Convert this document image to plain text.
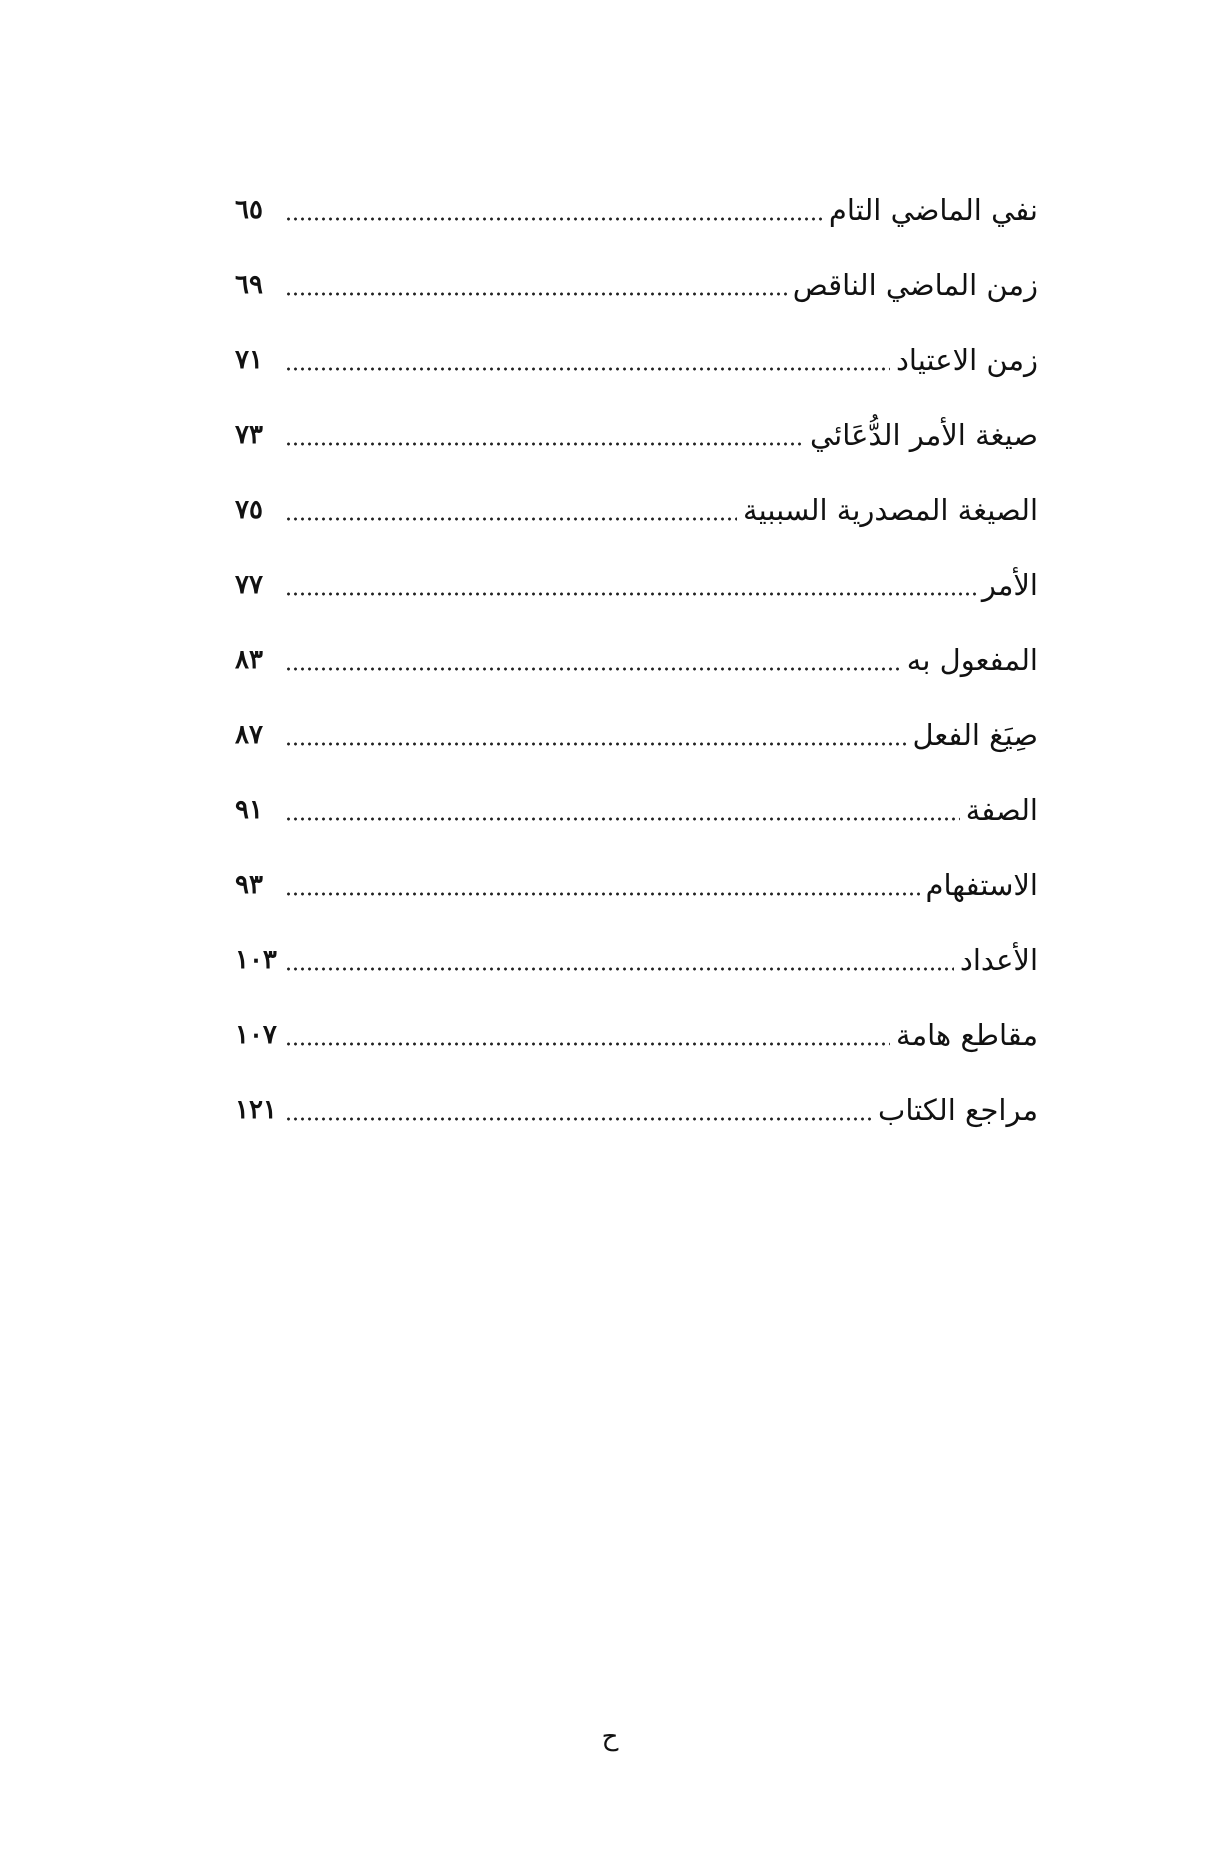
نفي الماضي التام
٦٥
زمن الماضي الناقص
٦٩
زمن الاعتياد
٧١
صيغة الأمر الدُّعَائي
٧٣
الصيغة المصدرية السببية
٧٥
الأمر
٧٧
المفعول به
٨٣
صِيَغ الفعل
٨٧
الصفة
٩١
الاستفهام
٩٣
الأعداد
١٠٣
مقاطع هامة
١٠٧
مراجع الكتاب
١٢١
ح
